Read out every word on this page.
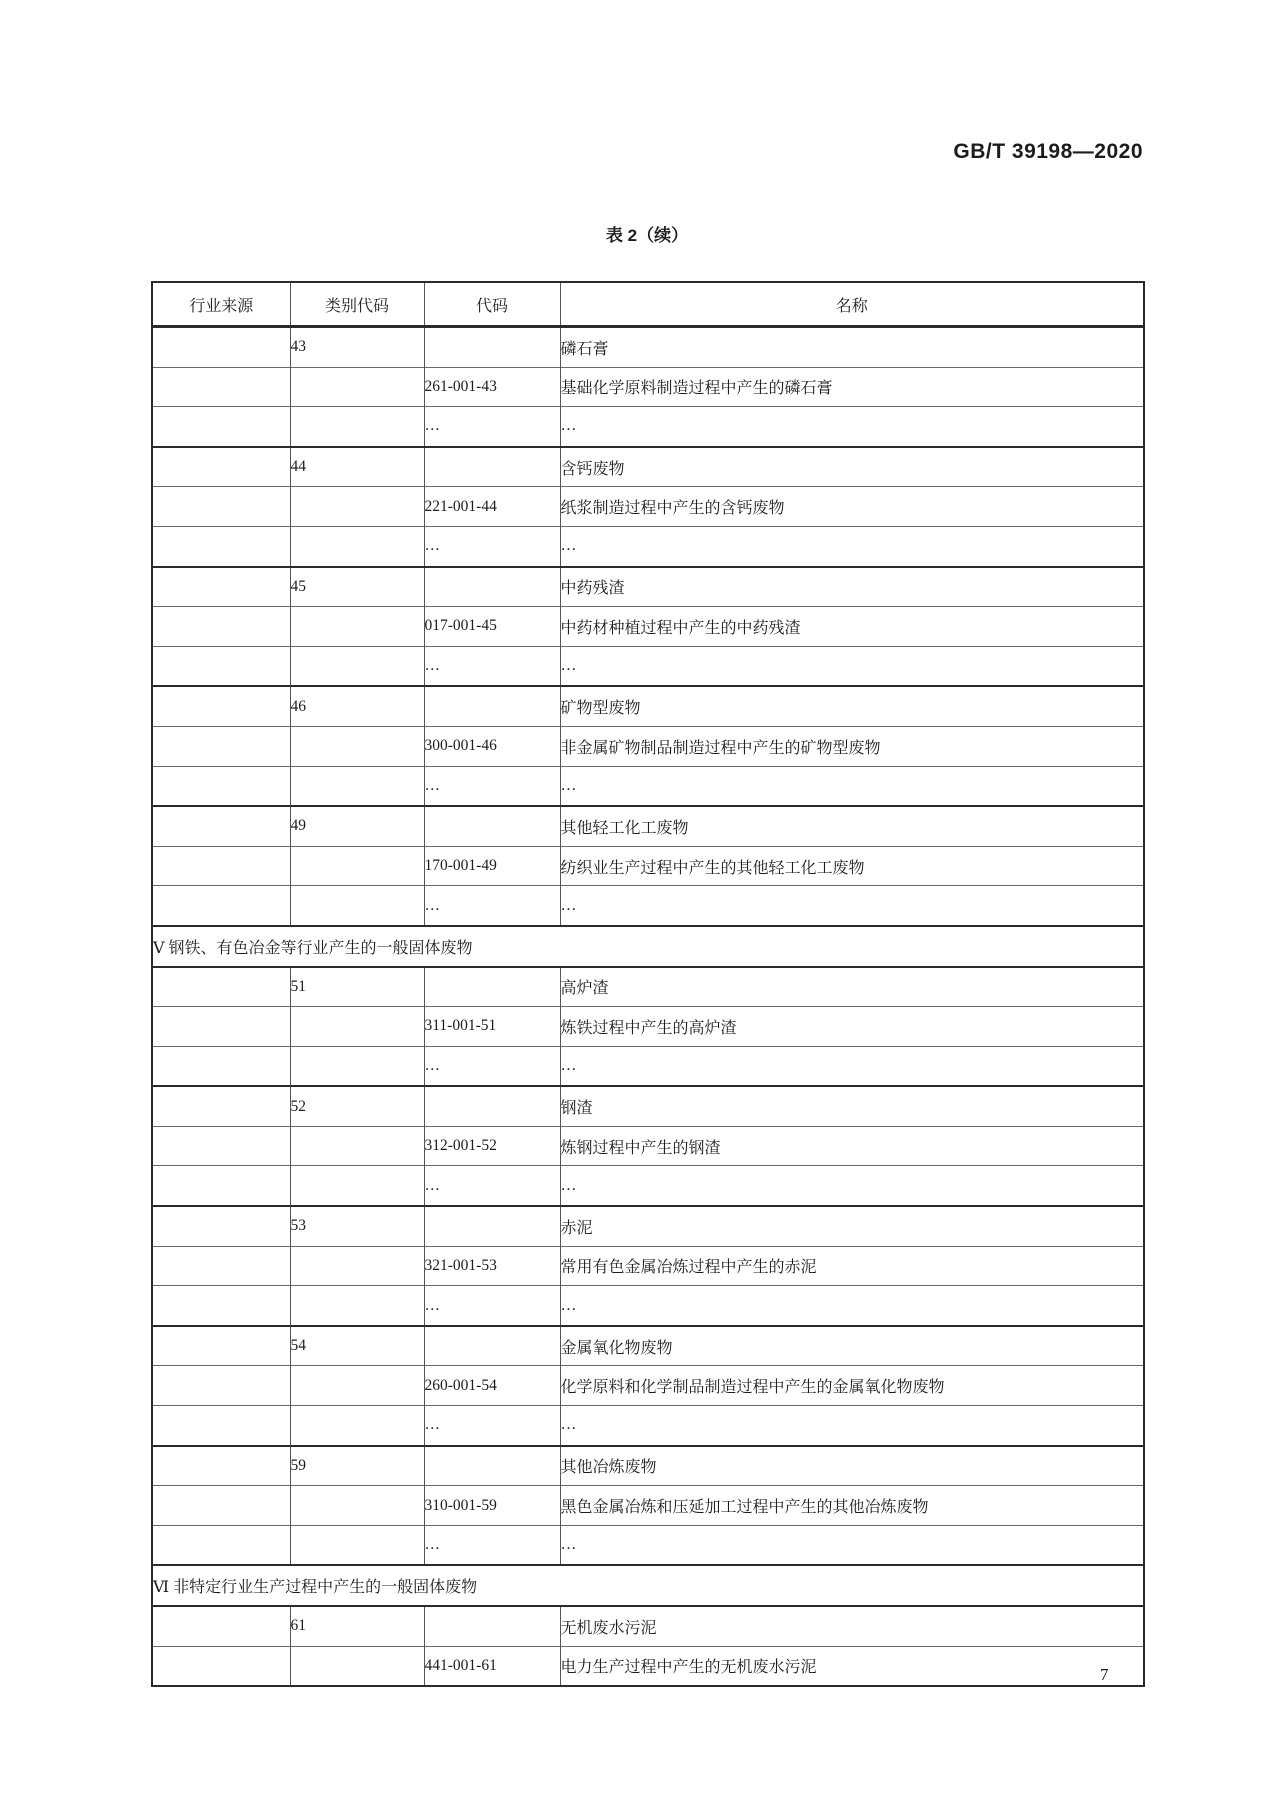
GB/T 39198—2020
表 2（续）
行业来源	类别代码	代码	名称
	43		磷石膏
		261-001-43	基础化学原料制造过程中产生的磷石膏
		…	…
	44		含钙废物
		221-001-44	纸浆制造过程中产生的含钙废物
		…	…
	45		中药残渣
		017-001-45	中药材种植过程中产生的中药残渣
		…	…
	46		矿物型废物
		300-001-46	非金属矿物制品制造过程中产生的矿物型废物
		…	…
	49		其他轻工化工废物
		170-001-49	纺织业生产过程中产生的其他轻工化工废物
		…	…
Ⅴ 钢铁、有色冶金等行业产生的一般固体废物			
	51		高炉渣
		311-001-51	炼铁过程中产生的高炉渣
		…	…
	52		钢渣
		312-001-52	炼钢过程中产生的钢渣
		…	…
	53		赤泥
		321-001-53	常用有色金属冶炼过程中产生的赤泥
		…	…
	54		金属氧化物废物
		260-001-54	化学原料和化学制品制造过程中产生的金属氧化物废物
		…	…
	59		其他冶炼废物
		310-001-59	黑色金属冶炼和压延加工过程中产生的其他冶炼废物
		…	…
Ⅵ 非特定行业生产过程中产生的一般固体废物			
	61		无机废水污泥
		441-001-61	电力生产过程中产生的无机废水污泥	7
